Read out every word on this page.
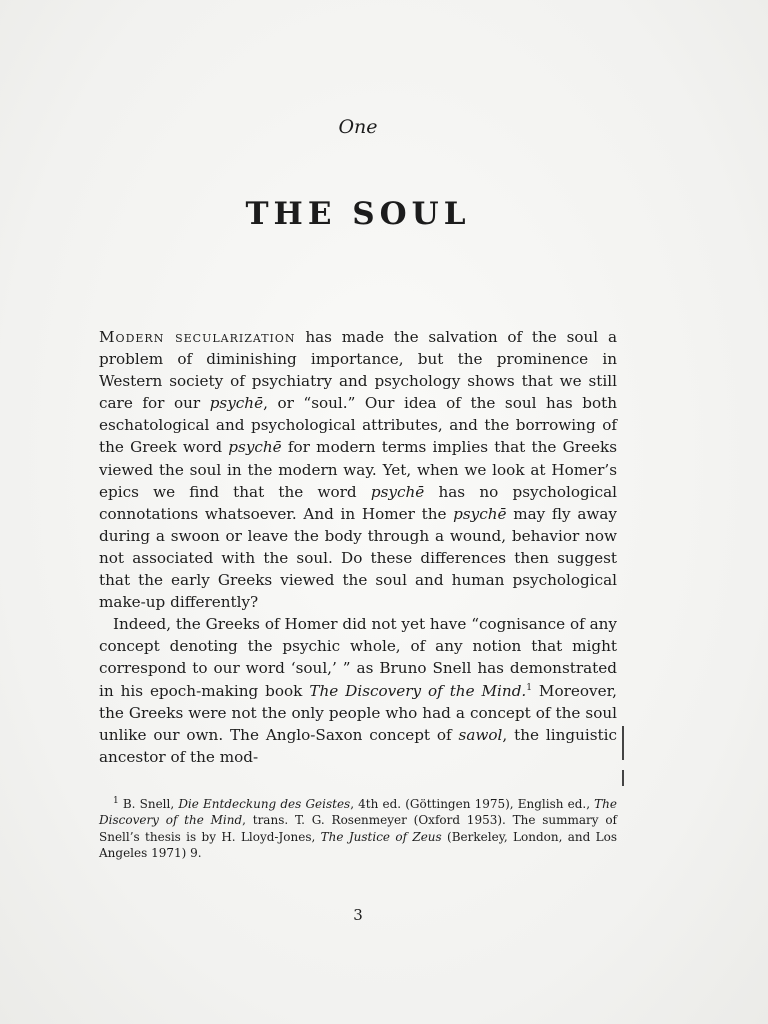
One
THE SOUL

Modern secularization has made the salvation of the soul a problem of diminishing importance, but the prominence in Western society of psychiatry and psychology shows that we still care for our psychē, or “soul.” Our idea of the soul has both eschatological and psychological attributes, and the borrowing of the Greek word psychē for modern terms implies that the Greeks viewed the soul in the modern way. Yet, when we look at Homer’s epics we find that the word psychē has no psychological connotations whatsoever. And in Homer the psychē may fly away during a swoon or leave the body through a wound, behavior now not associated with the soul. Do these differences then suggest that the early Greeks viewed the soul and human psychological make-up differently?

Indeed, the Greeks of Homer did not yet have “cognisance of any concept denoting the psychic whole, of any notion that might correspond to our word ‘soul,’ ” as Bruno Snell has demonstrated in his epoch-making book The Discovery of the Mind.$^1$ Moreover, the Greeks were not the only people who had a concept of the soul unlike our own. The Anglo-Saxon concept of sawol, the linguistic ancestor of the mod-

$^1$ B. Snell, Die Entdeckung des Geistes, 4th ed. (Göttingen 1975), English ed., The Discovery of the Mind, trans. T. G. Rosenmeyer (Oxford 1953). The summary of Snell’s thesis is by H. Lloyd-Jones, The Justice of Zeus (Berkeley, London, and Los Angeles 1971) 9.

3
